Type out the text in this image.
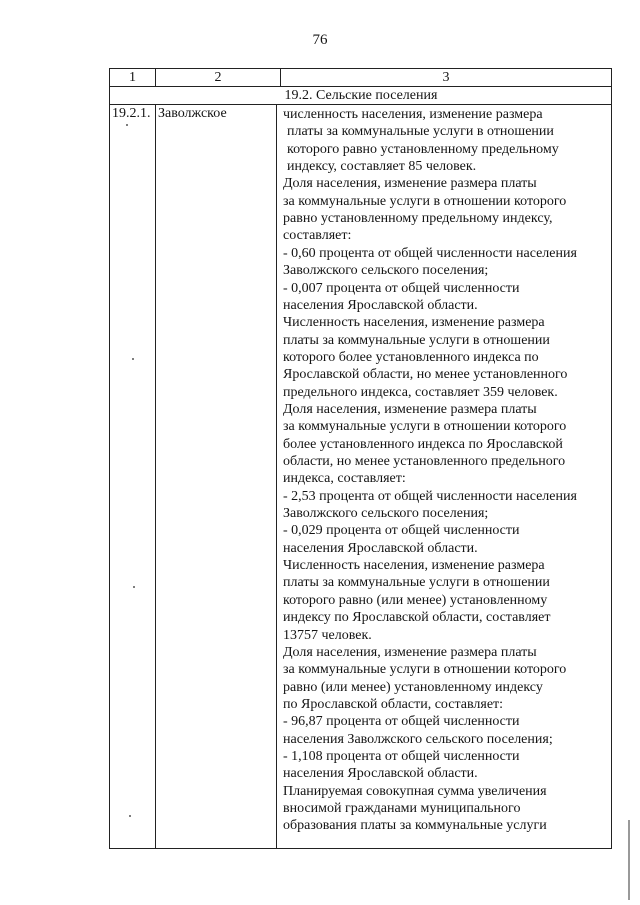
76
1	2	3
19.2. Сельские поселения
19.2.1. Заволжское	численность населения, изменение размера
платы за коммунальные услуги в отношении
которого равно установленному предельному
индексу, составляет 85 человек.
Доля населения, изменение размера платы
за коммунальные услуги в отношении которого
равно установленному предельному индексу,
составляет:
- 0,60 процента от общей численности населения
Заволжского сельского поселения;
- 0,007 процента от общей численности
населения Ярославской области.
Численность населения, изменение размера
платы за коммунальные услуги в отношении
которого более установленного индекса по
Ярославской области, но менее установленного
предельного индекса, составляет 359 человек.
Доля населения, изменение размера платы
за коммунальные услуги в отношении которого
более установленного индекса по Ярославской
области, но менее установленного предельного
индекса, составляет:
- 2,53 процента от общей численности населения
Заволжского сельского поселения;
- 0,029 процента от общей численности
населения Ярославской области.
Численность населения, изменение размера
платы за коммунальные услуги в отношении
которого равно (или менее) установленному
индексу по Ярославской области, составляет
13757 человек.
Доля населения, изменение размера платы
за коммунальные услуги в отношении которого
равно (или менее) установленному индексу
по Ярославской области, составляет:
- 96,87 процента от общей численности
населения Заволжского сельского поселения;
- 1,108 процента от общей численности
населения Ярославской области.
Планируемая совокупная сумма увеличения
вносимой гражданами муниципального
образования платы за коммунальные услуги
